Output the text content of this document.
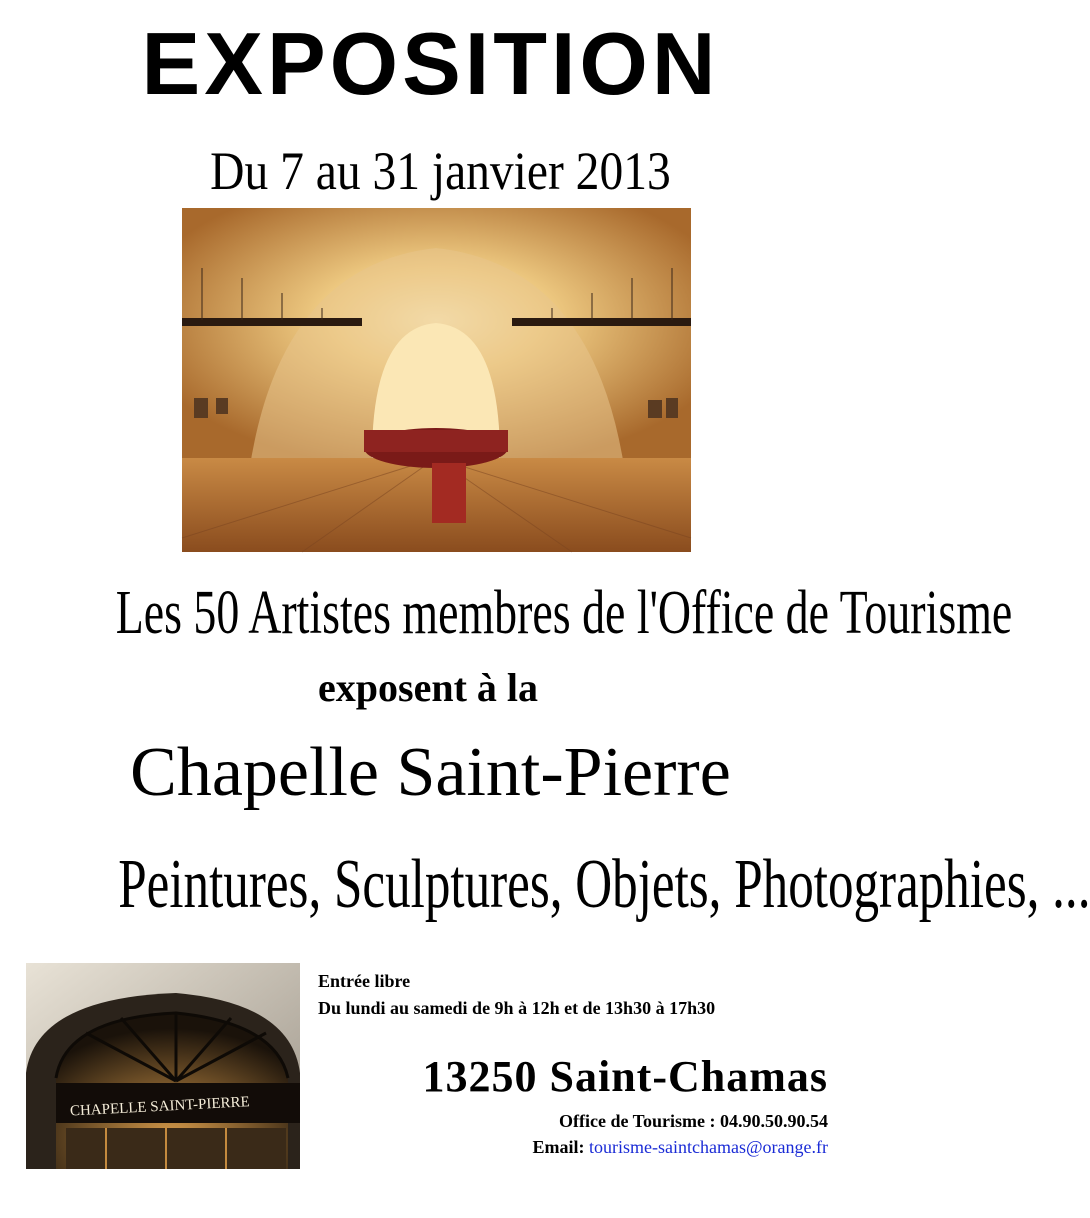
EXPOSITION
Du 7 au 31 janvier 2013
Les 50 Artistes membres de l'Office de Tourisme
exposent à la
Chapelle Saint-Pierre
Peintures, Sculptures, Objets, Photographies, ...
CHAPELLE SAINT-PIERRE
Entrée libre
Du lundi au samedi de 9h à 12h et de 13h30 à 17h30
13250 Saint-Chamas
Office de Tourisme : 04.90.50.90.54
Email: tourisme-saintchamas@orange.fr
